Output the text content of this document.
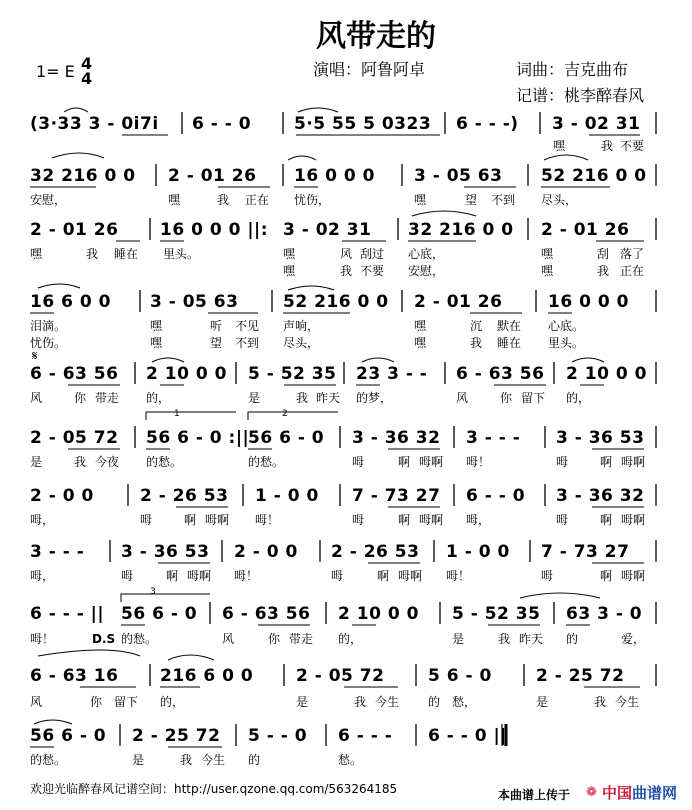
风带走的
1= E 4
4	演唱：阿鲁阿卓	词曲：吉克曲布
记谱：桃李醉春风
(3·33 3 - 0i7i 6 - - 0	5·5 55 5 0323 6 - - -) 3 - 02 31
嘿	我 不要
32 216 0 0 2 - 01 26 16 0 0 0 3 - 05 63 52 216 0 0
安慰，	嘿	我 正在 忧伤，	嘿	望 不到 尽头，
2 - 01 26 16 0 0 0 ||: 3 - 02 31 32 216 0 0 2 - 01 26
嘿	我 睡在 里头。	嘿	风 刮过 心底，	嘿	刮 落了
嘿	我 不要 安慰，	嘿	我 正在
16 6 0 0 3 - 05 63	52 216 0 0 2 - 01 26	16 0 0 0
泪滴。	嘿	听 不见 声响，	嘿	沉 默在 心底。
忧伤。	嘿	望 不到 尽头，	嘿	我 睡在 里头。
𝄋
6 - 63 56 2 10 0 0 5 - 52 35 23 3 - - 6 - 63 56 2 10 0 0
风	你 带走 的，	是	我 昨天 的梦，	风	你 留下 的，
1	2
2 - 05 72 56 6 - 0 :||
56 6 - 0 3 - 36 32 3 - - - 3 - 36 53
是	我 今夜 的愁。	的愁。	呣	啊 呣啊 呣！	呣	啊 呣啊
2 - 0 0	2 - 26 53 1 - 0 0 7 - 73 27 6 - - 0 3 - 36 32
呣，	呣	啊 呣啊 呣！	呣	啊 呣啊 呣，	呣	啊 呣啊
3 - - - 3 - 36 53 2 - 0 0 2 - 26 53 1 - 0 0 7 - 73 27
呣，	呣	啊 呣啊 呣！	呣	啊 呣啊 呣！	呣	啊 呣啊
3
6 - - - || 56 6 - 0 6 - 63 56 2 10 0 0 5 - 52 35 63 3 - 0
呣！	D.S 的愁。	风	你 带走 的，	是	我 昨天 的	爱，
6 - 63 16 216 6 0 0	2 - 05 72	5 6 - 0	2 - 25 72
风	你 留下 的，	是	我 今生 的 愁，	是	我 今生
56 6 - 0 2 - 25 72 5 - - 0 6 - - - 6 - - 0 ||
的愁。	是	我 今生 的	愁。
欢迎光临醉春风记谱空间：http://user.qzone.qq.com/563264185	本曲谱上传于 ❁ 中国曲谱网
